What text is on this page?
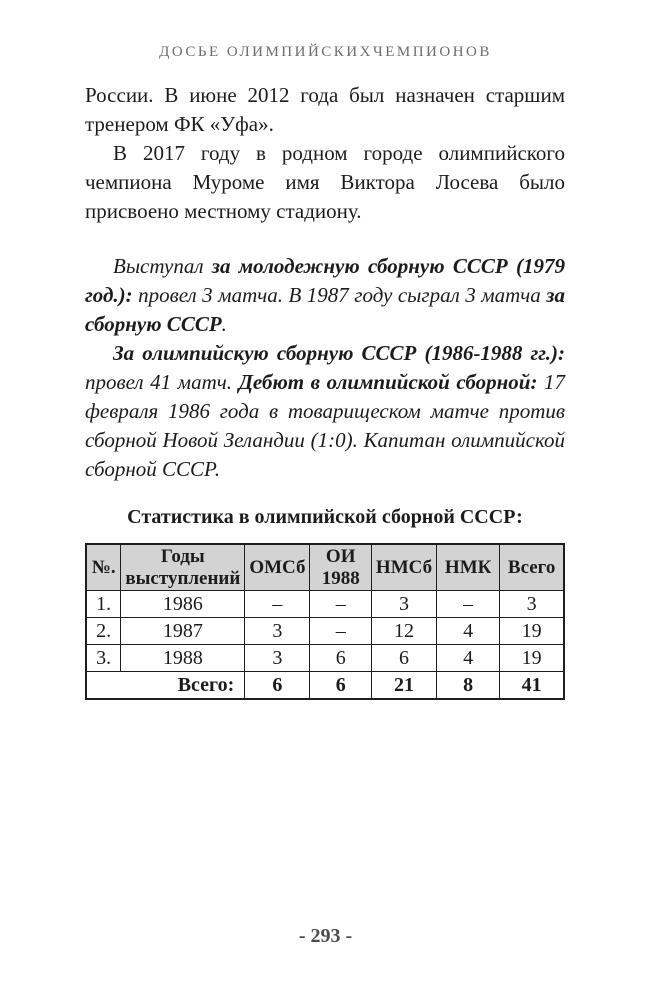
ДОСЬЕ ОЛИМПИЙСКИХЧЕМПИОНОВ

России. В июне 2012 года был назначен старшим тренером ФК «Уфа».

В 2017 году в родном городе олимпийского чемпиона Муроме имя Виктора Лосева было присвоено местному стадиону.

Выступал за молодежную сборную СССР (1979 год.): провел 3 матча. В 1987 году сыграл 3 матча за сборную СССР.

За олимпийскую сборную СССР (1986-1988 гг.): провел 41 матч. Дебют в олимпийской сборной: 17 февраля 1986 года в товарищеском матче против сборной Новой Зеландии (1:0). Капитан олимпийской сборной СССР.

Статистика в олимпийской сборной СССР:
№.	Годы выступлений	ОМСб	ОИ 1988	НМСб	НМК	Всего
1.	1986	–	–	3	–	3
2.	1987	3	–	12	4	19
3.	1988	3	6	6	4	19
Всего:		6	6	21	8	41
- 293 -
